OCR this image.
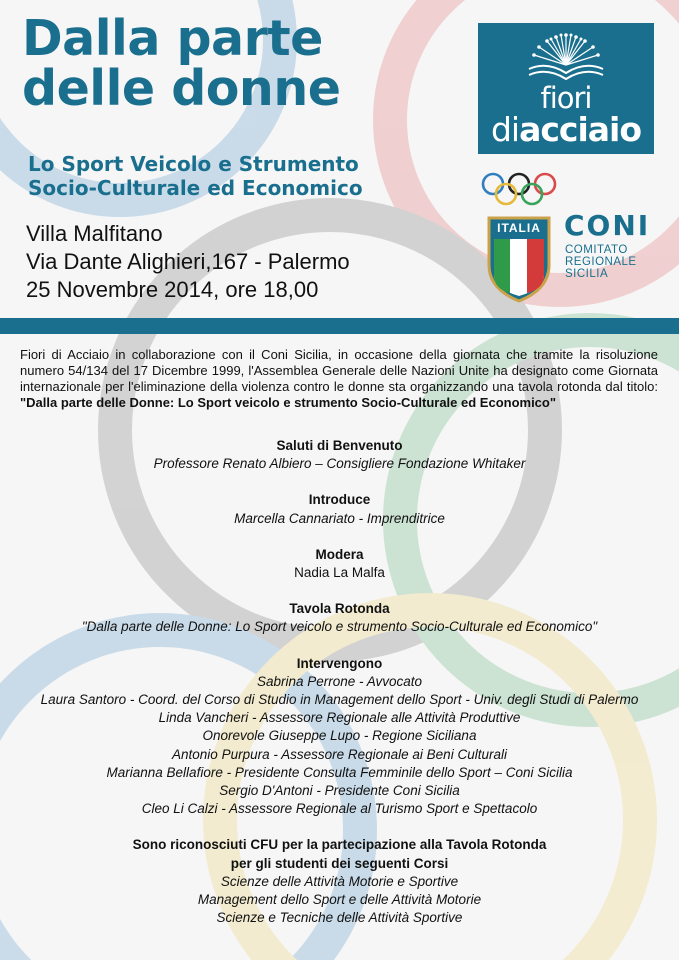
Dalla parte
delle donne
Lo Sport Veicolo e Strumento
Socio-Culturale ed Economico
Villa Malfitano
Via Dante Alighieri,167 - Palermo
25 Novembre 2014, ore 18,00
fiori
diacciaio
ITALIA CONI
COMITATO
REGIONALE
SICILIA

Fiori di Acciaio in collaborazione con il Coni Sicilia, in occasione della giornata che tramite la risoluzione numero 54/134 del 17 Dicembre 1999, l'Assemblea Generale delle Nazioni Unite ha designato come Giornata internazionale per l'eliminazione della violenza contro le donne sta organizzando una tavola rotonda dal titolo: "Dalla parte delle Donne: Lo Sport veicolo e strumento Socio-Culturale ed Economico"

Saluti di Benvenuto
Professore Renato Albiero – Consigliere Fondazione Whitaker
Introduce
Marcella Cannariato - Imprenditrice
Modera
Nadia La Malfa
Tavola Rotonda
"Dalla parte delle Donne: Lo Sport veicolo e strumento Socio-Culturale ed Economico"
Intervengono
Sabrina Perrone - Avvocato
Laura Santoro - Coord. del Corso di Studio in Management dello Sport - Univ. degli Studi di Palermo
Linda Vancheri - Assessore Regionale alle Attività Produttive
Onorevole Giuseppe Lupo - Regione Siciliana
Antonio Purpura - Assessore Regionale ai Beni Culturali
Marianna Bellafiore - Presidente Consulta Femminile dello Sport – Coni Sicilia
Sergio D'Antoni - Presidente Coni Sicilia
Cleo Li Calzi - Assessore Regionale al Turismo Sport e Spettacolo
Sono riconosciuti CFU per la partecipazione alla Tavola Rotonda
per gli studenti dei seguenti Corsi
Scienze delle Attività Motorie e Sportive
Management dello Sport e delle Attività Motorie
Scienze e Tecniche delle Attività Sportive
